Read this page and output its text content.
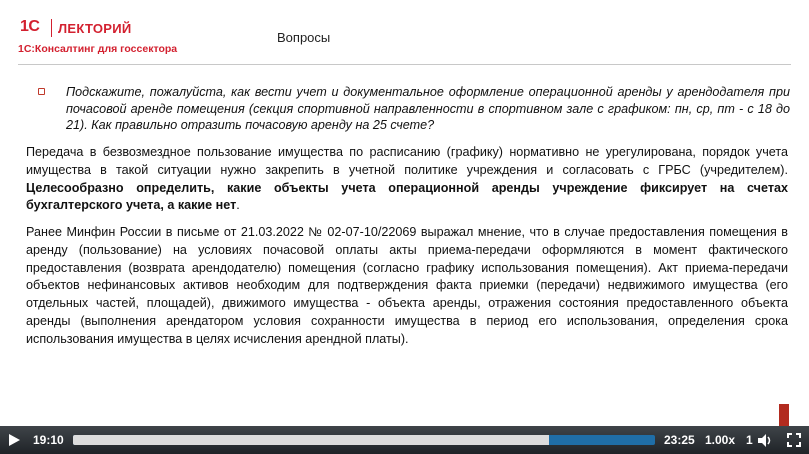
1С ЛЕКТОРИЙ
1С:Консалтинг для госсектора
Вопросы
Подскажите, пожалуйста, как вести учет и документальное оформление операционной аренды у арендодателя при почасовой аренде помещения (секция спортивной направленности в спортивном зале с графиком: пн, ср, пт - с 18 до 21). Как правильно отразить почасовую аренду на 25 счете?

Передача в безвозмездное пользование имущества по расписанию (графику) нормативно не урегулирована, порядок учета имущества в такой ситуации нужно закрепить в учетной политике учреждения и согласовать с ГРБС (учредителем). Целесообразно определить, какие объекты учета операционной аренды учреждение фиксирует на счетах бухгалтерского учета, а какие нет.

Ранее Минфин России в письме от 21.03.2022 № 02-07-10/22069 выражал мнение, что в случае предоставления помещения в аренду (пользование) на условиях почасовой оплаты акты приема-передачи оформляются в момент фактического предоставления (возврата арендодателю) помещения (согласно графику использования помещения). Акт приема-передачи объектов нефинансовых активов необходим для подтверждения факта приемки (передачи) недвижимого имущества (его отдельных частей, площадей), движимого имущества - объекта аренды, отражения состояния предоставленного объекта аренды (выполнения арендатором условия сохранности имущества в период его использования, определения срока использования имущества в целях исчисления арендной платы).

19:10	23:25 1.00x 1
